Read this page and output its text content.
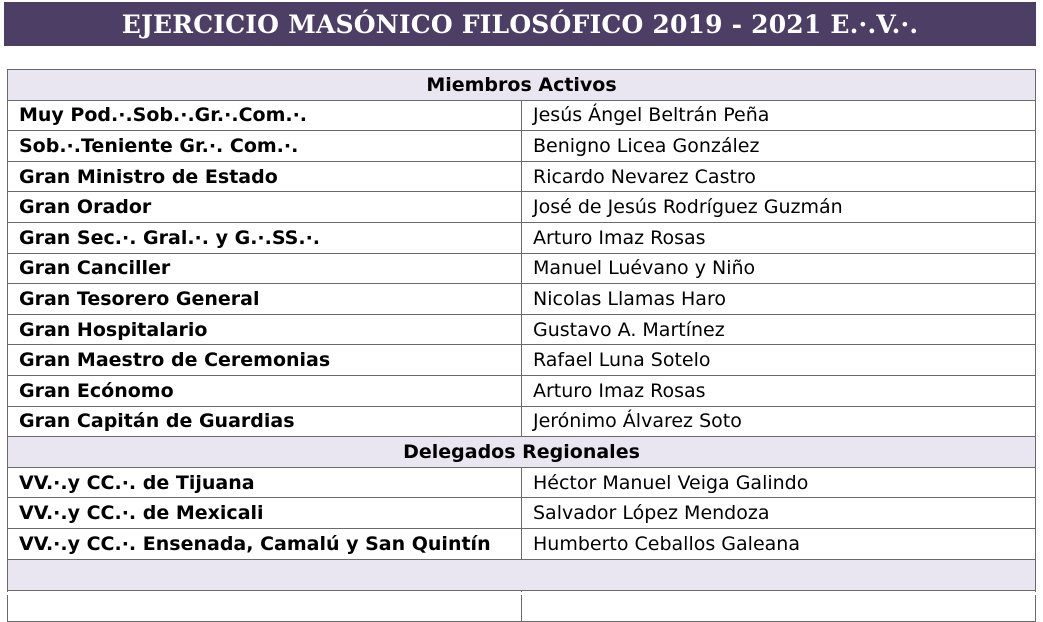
EJERCICIO MASÓNICO FILOSÓFICO 2019 - 2021 E.·.V.·.
Miembros Activos	
Muy Pod.·.Sob.·.Gr.·.Com.·.	Jesús Ángel Beltrán Peña
Sob.·.Teniente Gr.·. Com.·.	Benigno Licea González
Gran Ministro de Estado	Ricardo Nevarez Castro
Gran Orador	José de Jesús Rodríguez Guzmán
Gran Sec.·. Gral.·. y G.·.SS.·.	Arturo Imaz Rosas
Gran Canciller	Manuel Luévano y Niño
Gran Tesorero General	Nicolas Llamas Haro
Gran Hospitalario	Gustavo A. Martínez
Gran Maestro de Ceremonias	Rafael Luna Sotelo
Gran Ecónomo	Arturo Imaz Rosas
Gran Capitán de Guardias	Jerónimo Álvarez Soto
Delegados Regionales	
VV.·.y CC.·. de Tijuana	Héctor Manuel Veiga Galindo
VV.·.y CC.·. de Mexicali	Salvador López Mendoza
VV.·.y CC.·. Ensenada, Camalú y San Quintín	Humberto Ceballos Galeana
